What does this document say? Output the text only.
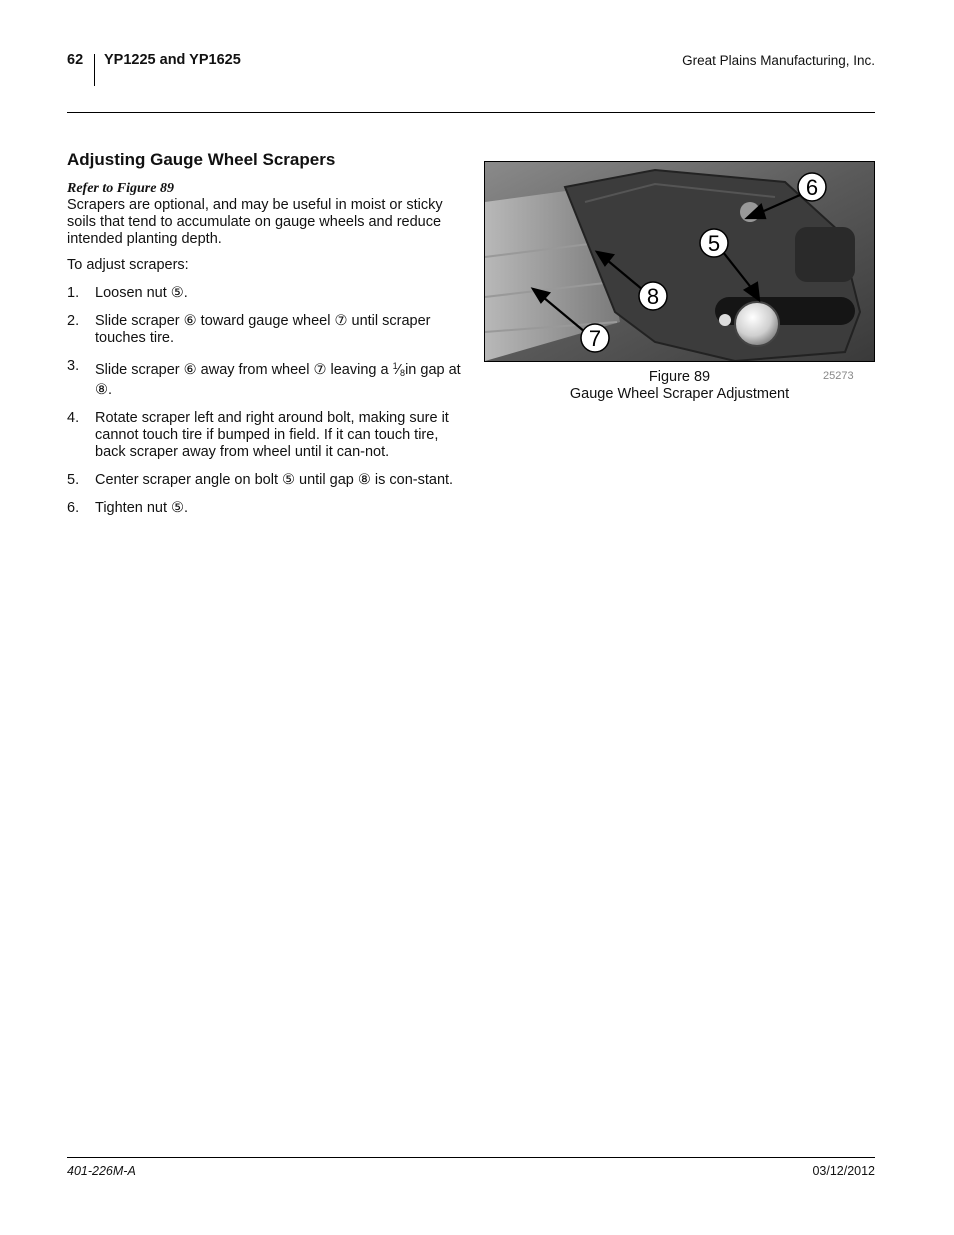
62 YP1225 and YP1625	Great Plains Manufacturing, Inc.
Adjusting Gauge Wheel Scrapers

Refer to Figure 89

Scrapers are optional, and may be useful in moist or sticky soils that tend to accumulate on gauge wheels and reduce intended planting depth.

To adjust scrapers:

1.	Loosen nut ⑤.
2.	Slide scraper ⑥ toward gauge wheel ⑦ until scraper touches tire.
3.	Slide scraper ⑥ away from wheel ⑦ leaving a $^1⁄_8in$ gap at ⑧.
4.	Rotate scraper left and right around bolt, making sure it cannot touch tire if bumped in field. If it can touch tire, back scraper away from wheel until it can-not.
5.	Center scraper angle on bolt ⑤ until gap ⑧ is con-stant.
6.	Tighten nut ⑤.
6
5
8
7
Figure 89
Gauge Wheel Scraper Adjustment
25273
401-226M-A	03/12/2012
